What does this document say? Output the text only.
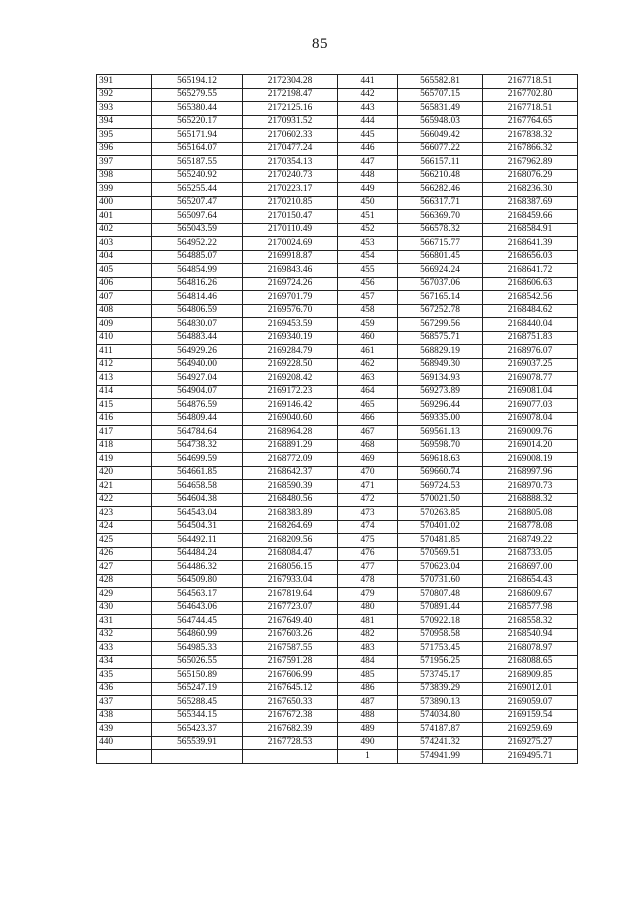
85
391	565194.12	2172304.28	441	565582.81	2167718.51
392	565279.55	2172198.47	442	565707.15	2167702.80
393	565380.44	2172125.16	443	565831.49	2167718.51
394	565220.17	2170931.52	444	565948.03	2167764.65
395	565171.94	2170602.33	445	566049.42	2167838.32
396	565164.07	2170477.24	446	566077.22	2167866.32
397	565187.55	2170354.13	447	566157.11	2167962.89
398	565240.92	2170240.73	448	566210.48	2168076.29
399	565255.44	2170223.17	449	566282.46	2168236.30
400	565207.47	2170210.85	450	566317.71	2168387.69
401	565097.64	2170150.47	451	566369.70	2168459.66
402	565043.59	2170110.49	452	566578.32	2168584.91
403	564952.22	2170024.69	453	566715.77	2168641.39
404	564885.07	2169918.87	454	566801.45	2168656.03
405	564854.99	2169843.46	455	566924.24	2168641.72
406	564816.26	2169724.26	456	567037.06	2168606.63
407	564814.46	2169701.79	457	567165.14	2168542.56
408	564806.59	2169576.70	458	567252.78	2168484.62
409	564830.07	2169453.59	459	567299.56	2168440.04
410	564883.44	2169340.19	460	568575.71	2168751.83
411	564929.26	2169284.79	461	568829.19	2168976.07
412	564940.00	2169228.50	462	568949.30	2169037.25
413	564927.04	2169208.42	463	569134.93	2169078.77
414	564904.07	2169172.23	464	569273.89	2169081.04
415	564876.59	2169146.42	465	569296.44	2169077.03
416	564809.44	2169040.60	466	569335.00	2169078.04
417	564784.64	2168964.28	467	569561.13	2169009.76
418	564738.32	2168891.29	468	569598.70	2169014.20
419	564699.59	2168772.09	469	569618.63	2169008.19
420	564661.85	2168642.37	470	569660.74	2168997.96
421	564658.58	2168590.39	471	569724.53	2168970.73
422	564604.38	2168480.56	472	570021.50	2168888.32
423	564543.04	2168383.89	473	570263.85	2168805.08
424	564504.31	2168264.69	474	570401.02	2168778.08
425	564492.11	2168209.56	475	570481.85	2168749.22
426	564484.24	2168084.47	476	570569.51	2168733.05
427	564486.32	2168056.15	477	570623.04	2168697.00
428	564509.80	2167933.04	478	570731.60	2168654.43
429	564563.17	2167819.64	479	570807.48	2168609.67
430	564643.06	2167723.07	480	570891.44	2168577.98
431	564744.45	2167649.40	481	570922.18	2168558.32
432	564860.99	2167603.26	482	570958.58	2168540.94
433	564985.33	2167587.55	483	571753.45	2168078.97
434	565026.55	2167591.28	484	571956.25	2168088.65
435	565150.89	2167606.99	485	573745.17	2168909.85
436	565247.19	2167645.12	486	573839.29	2169012.01
437	565288.45	2167650.33	487	573890.13	2169059.07
438	565344.15	2167672.38	488	574034.80	2169159.54
439	565423.37	2167682.39	489	574187.87	2169259.69
440	565539.91	2167728.53	490	574241.32	2169275.27
			1	574941.99	2169495.71
